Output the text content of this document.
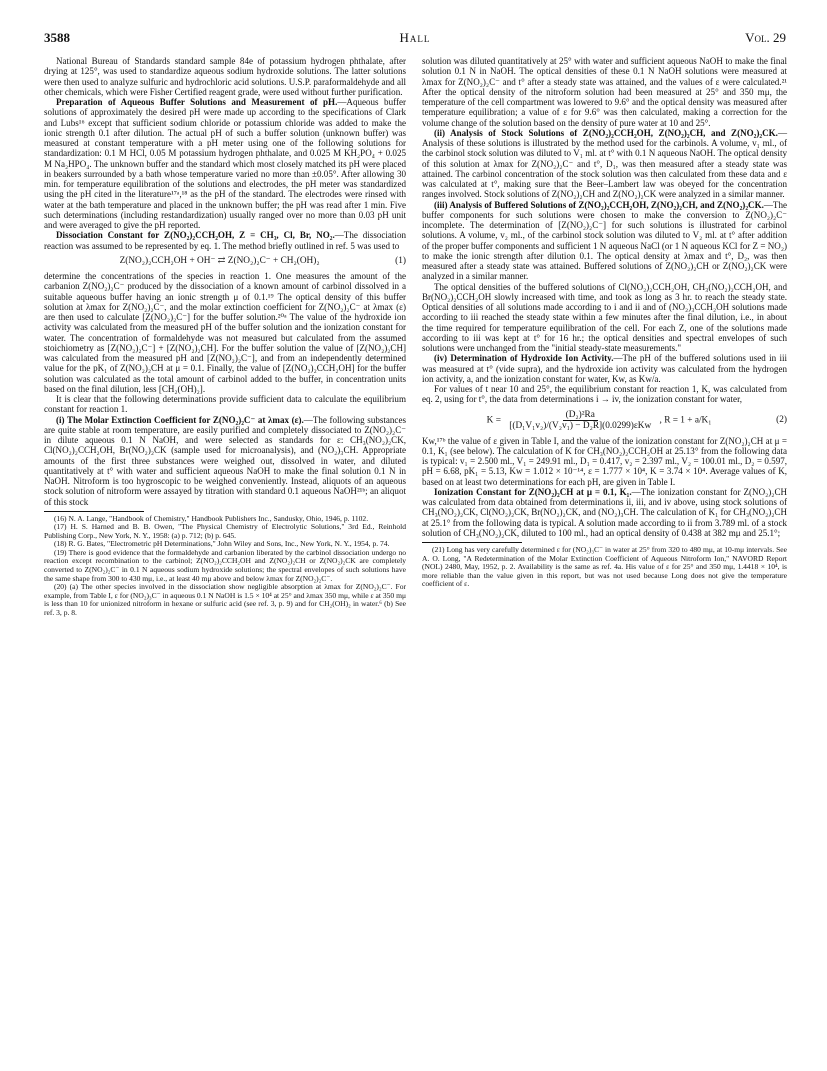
3588	Hall	Vol. 29

National Bureau of Standards standard sample 84e of potassium hydrogen phthalate, after drying at 125°, was used to standardize aqueous sodium hydroxide solutions. The latter solutions were then used to analyze sulfuric and hydrochloric acid solutions. U.S.P. paraformaldehyde and all other chemicals, which were Fisher Certified reagent grade, were used without further purification.

Preparation of Aqueous Buffer Solutions and Measurement of pH.—Aqueous buffer solutions of approximately the desired pH were made up according to the specifications of Clark and Lubs¹⁶ except that sufficient sodium chloride or potassium chloride was added to make the ionic strength 0.1 after dilution. The actual pH of such a buffer solution (unknown buffer) was measured at constant temperature with a pH meter using one of the following solutions for standardization: 0.1 M HCl, 0.05 M potassium hydrogen phthalate, and 0.025 M KH₂PO₄ + 0.025 M Na₂HPO₄. The unknown buffer and the standard which most closely matched its pH were placed in beakers surrounded by a bath whose temperature varied no more than ±0.05°. After allowing 30 min. for temperature equilibration of the solutions and electrodes, the pH meter was standardized using the pH cited in the literature¹⁷ᵃ,¹⁸ as the pH of the standard. The electrodes were rinsed with water at the bath temperature and placed in the unknown buffer; the pH was read after 1 min. Five such determinations (including restandardization) usually ranged over no more than 0.03 pH unit and were averaged to give the pH reported.

Dissociation Constant for Z(NO₂)₂CCH₂OH, Z = CH₃, Cl, Br, NO₂.—The dissociation reaction was assumed to be represented by eq. 1. The method briefly outlined in ref. 5 was used to

Z(NO₂)₂CCH₂OH + OH⁻ ⇄ Z(NO₂)₂C⁻ + CH₂(OH)₂	(1)

determine the concentrations of the species in reaction 1. One measures the amount of the carbanion Z(NO₂)₂C⁻ produced by the dissociation of a known amount of carbinol dissolved in a suitable aqueous buffer having an ionic strength μ of 0.1.¹⁹ The optical density of this buffer solution at λmax for Z(NO₂)₂C⁻, and the molar extinction coefficient for Z(NO₂)₂C⁻ at λmax (ε) are then used to calculate [Z(NO₂)₂C⁻] for the buffer solution.²⁰ᵃ The value of the hydroxide ion activity was calculated from the measured pH of the buffer solution and the ionization constant for water. The concentration of formaldehyde was not measured but calculated from the assumed stoichiometry as [Z(NO₂)₂C⁻] + [Z(NO₂)₂CH]. For the buffer solution the value of [Z(NO₂)₂CH] was calculated from the measured pH and [Z(NO₂)₂C⁻], and from an independently determined value for the pK₁ of Z(NO₂)₂CH at μ = 0.1. Finally, the value of [Z(NO₂)₂CCH₂OH] for the buffer solution was calculated as the total amount of carbinol added to the buffer, in concentration units based on the final dilution, less [CH₂(OH)₂].

It is clear that the following determinations provide sufficient data to calculate the equilibrium constant for reaction 1.

(i) The Molar Extinction Coefficient for Z(NO₂)₂C⁻ at λmax (ε).—The following substances are quite stable at room temperature, are easily purified and completely dissociated to Z(NO₂)₂C⁻ in dilute aqueous 0.1 N NaOH, and were selected as standards for ε: CH₃(NO₂)₂CK, Cl(NO₂)₂CCH₂OH, Br(NO₂)₂CK (sample used for microanalysis), and (NO₂)₃CH. Appropriate amounts of the first three substances were weighed out, dissolved in water, and diluted quantitatively at t° with water and sufficient aqueous NaOH to make the final solution 0.1 N in NaOH. Nitroform is too hygroscopic to be weighed conveniently. Instead, aliquots of an aqueous stock solution of nitroform were assayed by titration with standard 0.1 aqueous NaOH²¹ᵇ; an aliquot of this stock

(16) N. A. Lange, "Handbook of Chemistry," Handbook Publishers Inc., Sandusky, Ohio, 1946, p. 1102.

(17) H. S. Harned and B. B. Owen, "The Physical Chemistry of Electrolytic Solutions," 3rd Ed., Reinhold Publishing Corp., New York, N. Y., 1958: (a) p. 712; (b) p. 645.

(18) R. G. Bates, "Electrometric pH Determinations," John Wiley and Sons, Inc., New York, N. Y., 1954, p. 74.

(19) There is good evidence that the formaldehyde and carbanion liberated by the carbinol dissociation undergo no reaction except recombination to the carbinol; Z(NO₂)₂CCH₂OH and Z(NO₂)₂CH or Z(NO₂)₂CK are completely converted to Z(NO₂)₂C⁻ in 0.1 N aqueous sodium hydroxide solutions; the spectral envelopes of such solutions have the same shape from 300 to 430 mμ, i.e., at least 40 mμ above and below λmax for Z(NO₂)₂C⁻.

(20) (a) The other species involved in the dissociation show negligible absorption at λmax for Z(NO₂)₂C⁻. For example, from Table I, ε for (NO₂)₃C⁻ in aqueous 0.1 N NaOH is 1.5 × 10⁴ at 25° and λmax 350 mμ, while ε at 350 mμ is less than 10 for unionized nitroform in hexane or sulfuric acid (see ref. 3, p. 9) and for CH₂(OH)₂ in water.⁶ (b) See ref. 3, p. 8.

solution was diluted quantitatively at 25° with water and sufficient aqueous NaOH to make the final solution 0.1 N in NaOH. The optical densities of these 0.1 N NaOH solutions were measured at λmax for Z(NO₂)₂C⁻ and t° after a steady state was attained, and the values of ε were calculated.²¹ After the optical density of the nitroform solution had been measured at 25° and 350 mμ, the temperature of the cell compartment was lowered to 9.6° and the optical density was measured after temperature equilibration; a value of ε for 9.6° was then calculated, making a correction for the volume change of the solution based on the density of pure water at 10 and 25°.

(ii) Analysis of Stock Solutions of Z(NO₂)₂CCH₂OH, Z(NO₂)₂CH, and Z(NO₂)₂CK.—Analysis of these solutions is illustrated by the method used for the carbinols. A volume, v₁ ml., of the carbinol stock solution was diluted to V₁ ml. at t° with 0.1 N aqueous NaOH. The optical density of this solution at λmax for Z(NO₂)₂C⁻ and t°, D₁, was then measured after a steady state was attained. The carbinol concentration of the stock solution was then calculated from these data and ε was calculated at t°, making sure that the Beer–Lambert law was obeyed for the concentration ranges involved. Stock solutions of Z(NO₂)₂CH and Z(NO₂)₂CK were analyzed in a similar manner.

(iii) Analysis of Buffered Solutions of Z(NO₂)₂CCH₂OH, Z(NO₂)₂CH, and Z(NO₂)₂CK.—The buffer components for such solutions were chosen to make the conversion to Z(NO₂)₂C⁻ incomplete. The determination of [Z(NO₂)₂C⁻] for such solutions is illustrated for carbinol solutions. A volume, v₂ ml., of the carbinol stock solution was diluted to V₂ ml. at t° after addition of the proper buffer components and sufficient 1 N aqueous NaCl (or 1 N aqueous KCl for Z = NO₂) to make the ionic strength after dilution 0.1. The optical density at λmax and t°, D₂, was then measured after a steady state was attained. Buffered solutions of Z(NO₂)₂CH or Z(NO₂)₂CK were analyzed in a similar manner.

The optical densities of the buffered solutions of Cl(NO₂)₂CCH₂OH, CH₃(NO₂)₂CCH₂OH, and Br(NO₂)₂CCH₂OH slowly increased with time, and took as long as 3 hr. to reach the steady state. Optical densities of all solutions made according to i and ii and of (NO₂)₃CCH₂OH solutions made according to iii reached the steady state within a few minutes after the final dilution, i.e., in about the time required for temperature equilibration of the cell. For each Z, one of the solutions made according to iii was kept at t° for 16 hr.; the optical densities and spectral envelopes of such solutions were unchanged from the "initial steady-state measurements."

(iv) Determination of Hydroxide Ion Activity.—The pH of the buffered solutions used in iii was measured at t° (vide supra), and the hydroxide ion activity was calculated from the hydrogen ion activity, a, and the ionization constant for water, Kw, as Kw/a.

For values of t near 10 and 25°, the equilibrium constant for reaction 1, K, was calculated from eq. 2, using for t°, the data from determinations i → iv, the ionization constant for water,

$K = \frac{\text{(D₂)²Ra}}{\text{[(D₁V₁v₂)/(V₂v₁) − D₂R](0.0299)εKw}}$ , R = 1 + a/K₁	(2)

Kw,¹⁷ᵇ the value of ε given in Table I, and the value of the ionization constant for Z(NO₂)₂CH at μ = 0.1, K₁ (see below). The calculation of K for CH₃(NO₂)₂CCH₂OH at 25.13° from the following data is typical: v₁ = 2.500 ml., V₁ = 249.91 ml., D₁ = 0.417, v₂ = 2.397 ml., V₂ = 100.01 ml., D₂ = 0.597, pH = 6.68, pK₁ = 5.13, Kw = 1.012 × 10⁻¹⁴, ε = 1.777 × 10⁴, K = 3.74 × 10⁴. Average values of K, based on at least two determinations for each pH, are given in Table I.

Ionization Constant for Z(NO₂)₂CH at μ = 0.1, K₁.—The ionization constant for Z(NO₂)₂CH was calculated from data obtained from determinations ii, iii, and iv above, using stock solutions of CH₃(NO₂)₂CK, Cl(NO₂)₂CK, Br(NO₂)₂CK, and (NO₂)₃CH. The calculation of K₁ for CH₃(NO₂)₂CH at 25.1° from the following data is typical. A solution made according to ii from 3.789 ml. of a stock solution of CH₃(NO₂)₂CK, diluted to 100 ml., had an optical density of 0.438 at 382 mμ and 25.1°;

(21) Long has very carefully determined ε for (NO₂)₃C⁻ in water at 25° from 320 to 480 mμ, at 10-mμ intervals. See A. O. Long, "A Redetermination of the Molar Extinction Coefficient of Aqueous Nitroform Ion," NAVORD Report (NOL) 2480, May, 1952, p. 2. Availability is the same as ref. 4a. His value of ε for 25° and 350 mμ, 1.4418 × 10⁴, is more reliable than the value given in this report, but was not used because Long does not give the temperature coefficient of ε.
